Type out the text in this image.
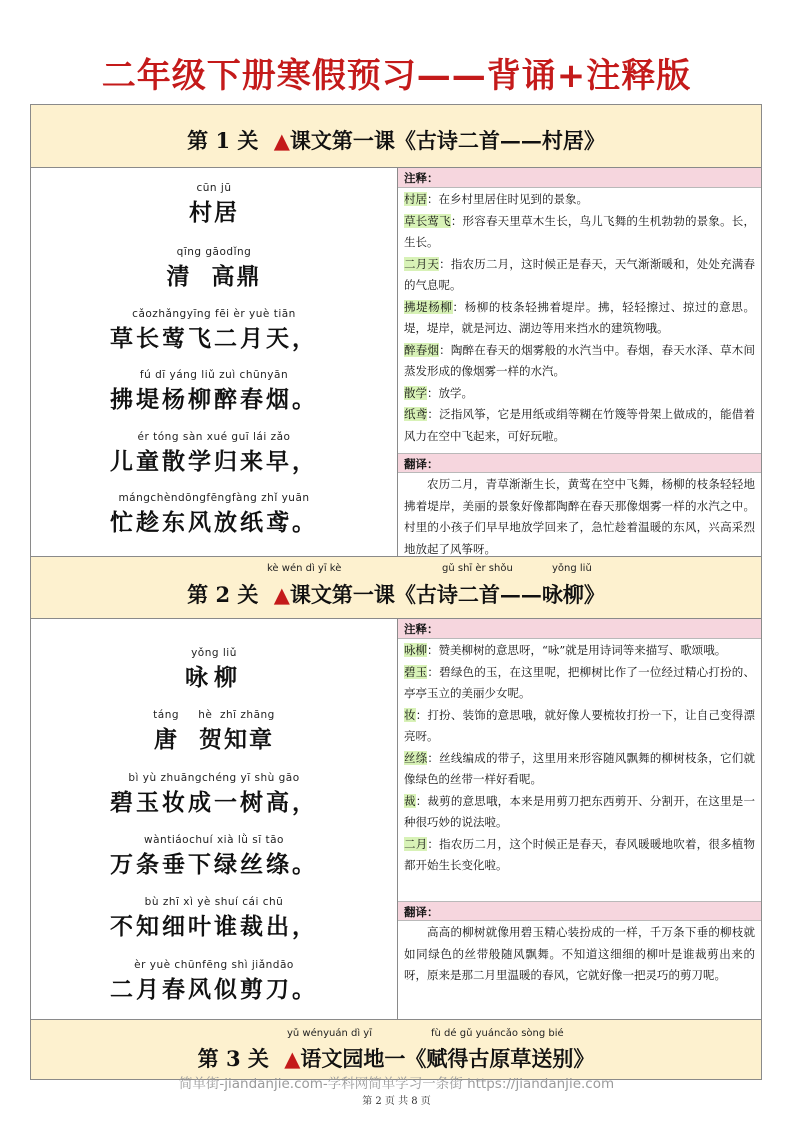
二年级下册寒假预习——背诵+注释版
第 1 关 ▲课文第一课《古诗二首——村居》
cūn jū
村居
qīng gāodǐng
清  高鼎
cǎozhǎngyīng fēi èr yuè tiān
草长莺飞二月天，
fú dī yáng liǔ zuì chūnyān
拂堤杨柳醉春烟。
ér tóng sàn xué guī lái zǎo
儿童散学归来早，
mángchèndōngfēngfàng zhǐ yuān
忙趁东风放纸鸢。
注释：

村居：在乡村里居住时见到的景象。

草长莺飞：形容春天里草木生长，鸟儿飞舞的生机勃勃的景象。长，生长。

二月天：指农历二月，这时候正是春天，天气渐渐暖和，处处充满春的气息呢。

拂堤杨柳：杨柳的枝条轻拂着堤岸。拂，轻轻擦过、掠过的意思。堤，堤岸，就是河边、湖边等用来挡水的建筑物哦。

醉春烟：陶醉在春天的烟雾般的水汽当中。春烟，春天水泽、草木间蒸发形成的像烟雾一样的水汽。

散学：放学。

纸鸢：泛指风筝，它是用纸或绢等糊在竹篾等骨架上做成的，能借着风力在空中飞起来，可好玩啦。

翻译：

农历二月，青草渐渐生长，黄莺在空中飞舞，杨柳的枝条轻轻地拂着堤岸，美丽的景象好像都陶醉在春天那像烟雾一样的水汽之中。村里的小孩子们早早地放学回来了，急忙趁着温暖的东风，兴高采烈地放起了风筝呀。

kè wén dì yī kè	gǔ shī èr shǒu	yǒng liǔ
第 2 关 ▲课文第一课《古诗二首——咏柳》
yǒng liǔ
咏柳
táng     hè  zhī zhāng
唐  贺知章
bì yù zhuāngchéng yī shù gāo
碧玉妆成一树高，
wàntiáochuí xià lǜ sī tāo
万条垂下绿丝绦。
bù zhī xì yè shuí cái chū
不知细叶谁裁出，
èr yuè chūnfēng shì jiǎndāo
二月春风似剪刀。
注释：

咏柳：赞美柳树的意思呀，“咏”就是用诗词等来描写、歌颂哦。

碧玉：碧绿色的玉，在这里呢，把柳树比作了一位经过精心打扮的、亭亭玉立的美丽少女呢。

妆：打扮、装饰的意思哦，就好像人要梳妆打扮一下，让自己变得漂亮呀。

丝绦：丝线编成的带子，这里用来形容随风飘舞的柳树枝条，它们就像绿色的丝带一样好看呢。

裁：裁剪的意思哦，本来是用剪刀把东西剪开、分割开，在这里是一种很巧妙的说法啦。

二月：指农历二月，这个时候正是春天，春风暖暖地吹着，很多植物都开始生长变化啦。

翻译：

高高的柳树就像用碧玉精心装扮成的一样，千万条下垂的柳枝就如同绿色的丝带般随风飘舞。不知道这细细的柳叶是谁裁剪出来的呀，原来是那二月里温暖的春风，它就好像一把灵巧的剪刀呢。

yǔ wényuán dì yī	fù dé gǔ yuáncǎo sòng bié
第 3 关 ▲语文园地一《赋得古原草送别》
简单街-jiandanjie.com-学科网简单学习一条街 https://jiandanjie.com
第 2 页 共 8 页
